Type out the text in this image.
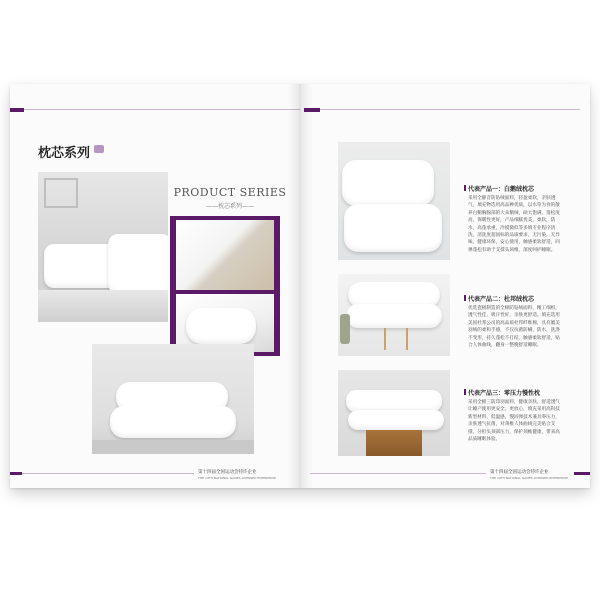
枕芯系列
PRODUCT SERIES
——枕芯系列——
第十四届全国运动会特许企业
THE 14TH NATIONAL GAMES LICENSED ENTERPRISE
代表产品一：白鹅绒枕芯
采用全静音防钻绒面料，轻盈柔软，亲肤透气，填充物选用高品种优质，以水草为食的散养白鹅胸腺部的大朵鹅绒，硕大饱满，蓬松度高，保暖性更好，产品细腻优美，柔软，防水，高蓬承重，冷摸微似等多填专业程序清洗，清洗度超国标的品质要求，无污染，无异味，健康环保，安心使用，触感柔软舒适，回弹蓬松有助于支撑头颈椎，深度呵护睡眠。
代表产品二：杜邦绒枕芯
优选瓷极制造的全棉防钻绒面料，精工细织，透气性佳，吸汗性好，亲肤更舒适。填充选用美国杜邦公司的高品质杜邦纤维棉，具有媲美羽绒的柔和手感，不仅抗菌防螨，防水，洗涤不变形，持久蓬松不打结，触感柔软舒适，贴合人体曲线，翻身一整晚舒适睡眠。
代表产品三：零压力慢性枕
采用全棉三防印羽面料，健康亲肤，舒适透气让睡产使用更安全。更放心，填充采用高科技新型材料，低温感，慢回弹技术兼具零压力，亲肤透气抗菌，对颈椎人体曲线完美贴合支撑，分担头颈部压力，保护颈椎健康，带来高品质睡眠体验。
第十四届全国运动会特许企业
THE 14TH NATIONAL GAMES LICENSED ENTERPRISE
